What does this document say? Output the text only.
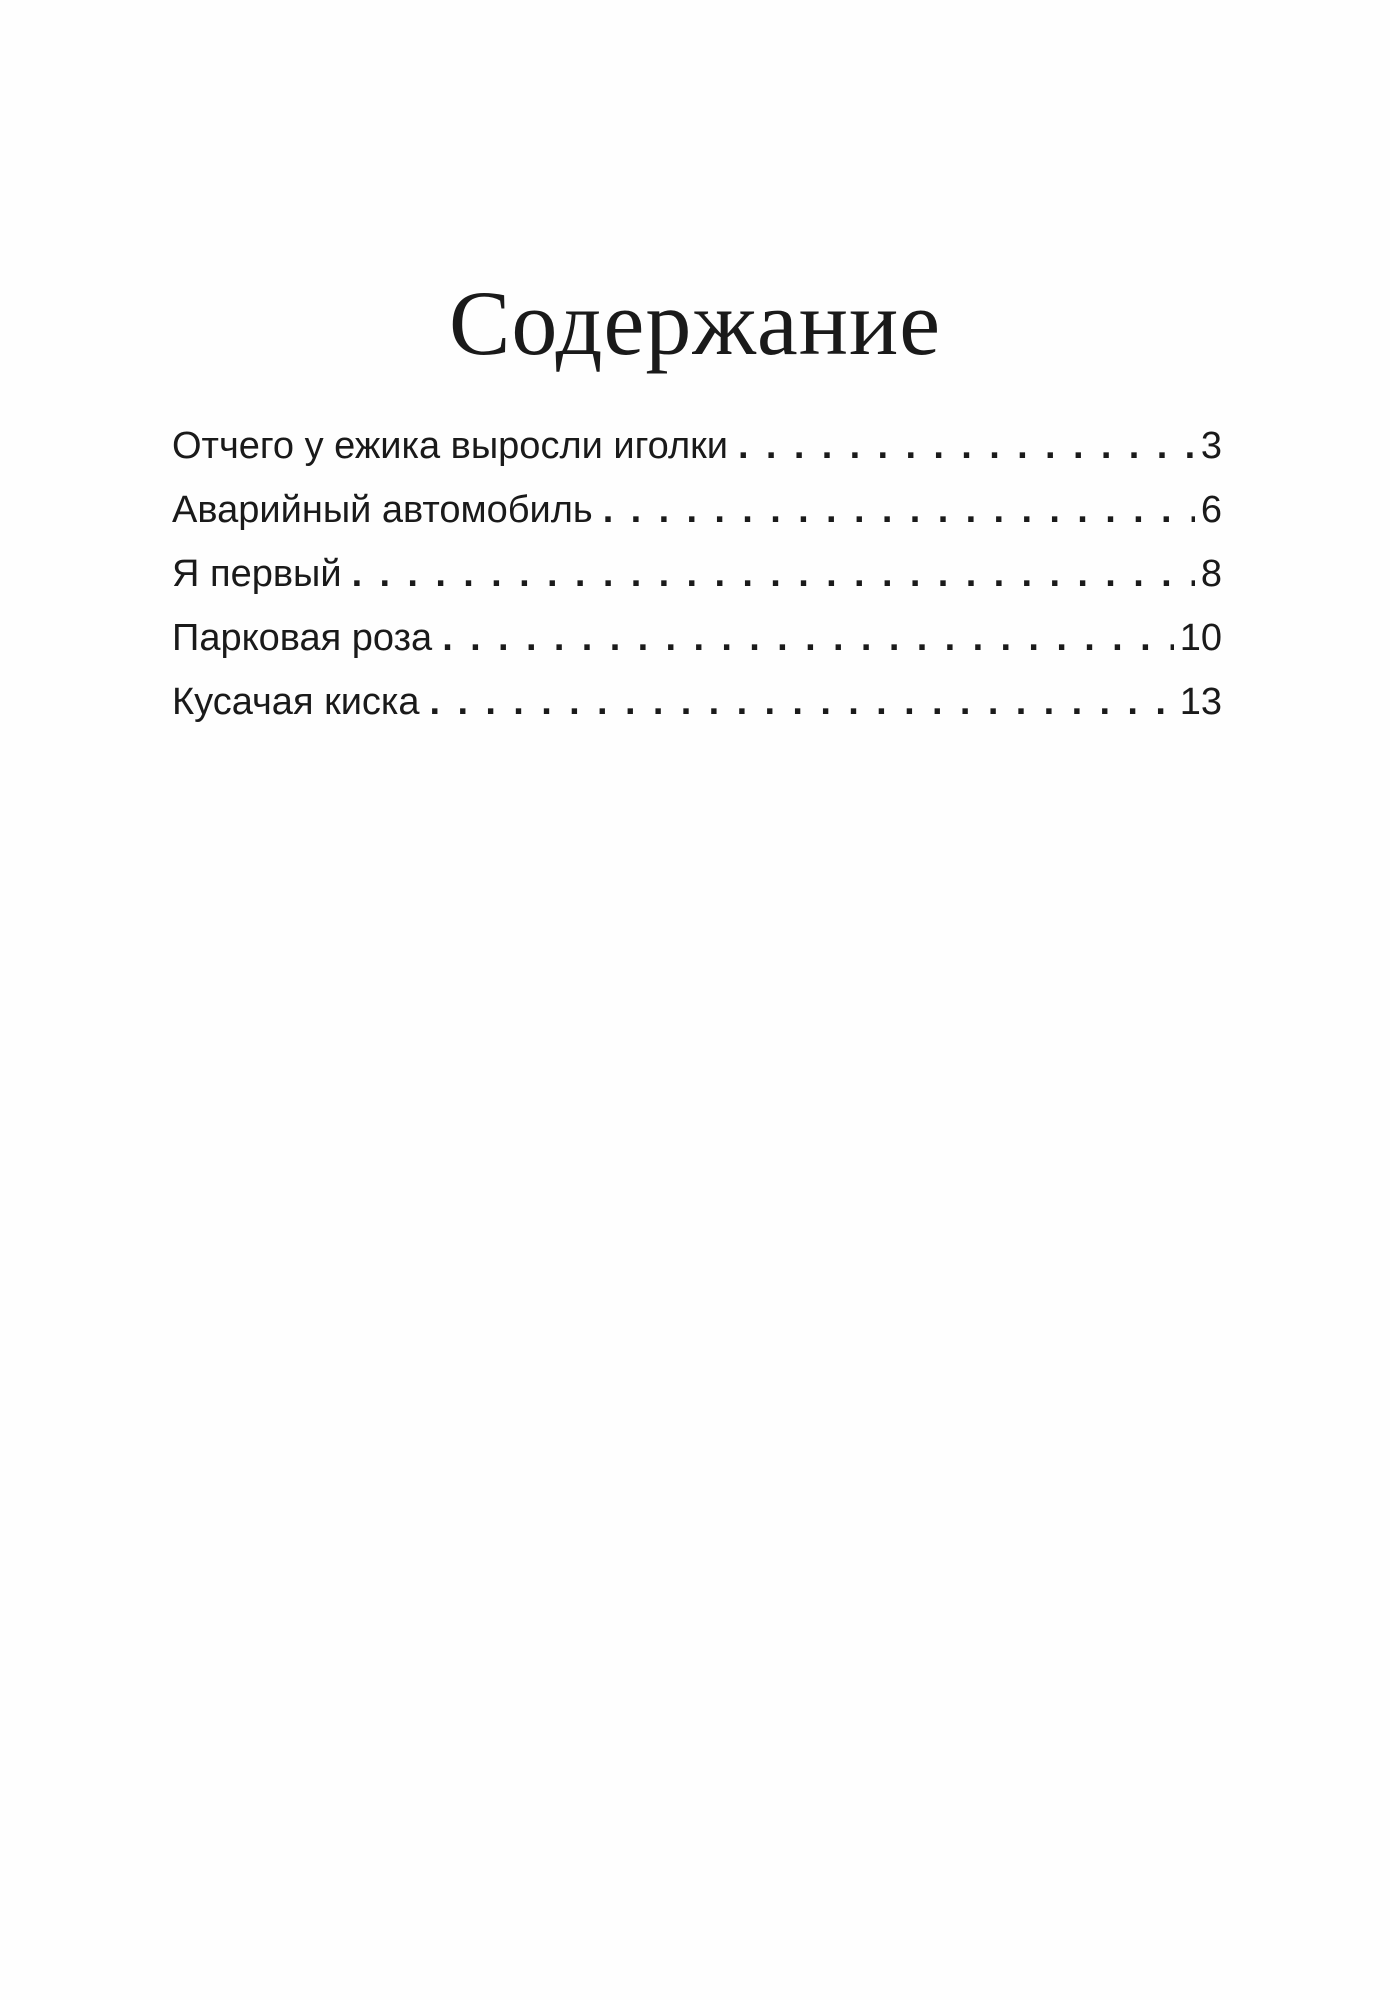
Содержание
Отчего у ежика выросли иголки . . .	3
Аварийный автомобиль . . .	6
Я первый . . .	8
Парковая роза . . .	10
Кусачая киска . . .	13
